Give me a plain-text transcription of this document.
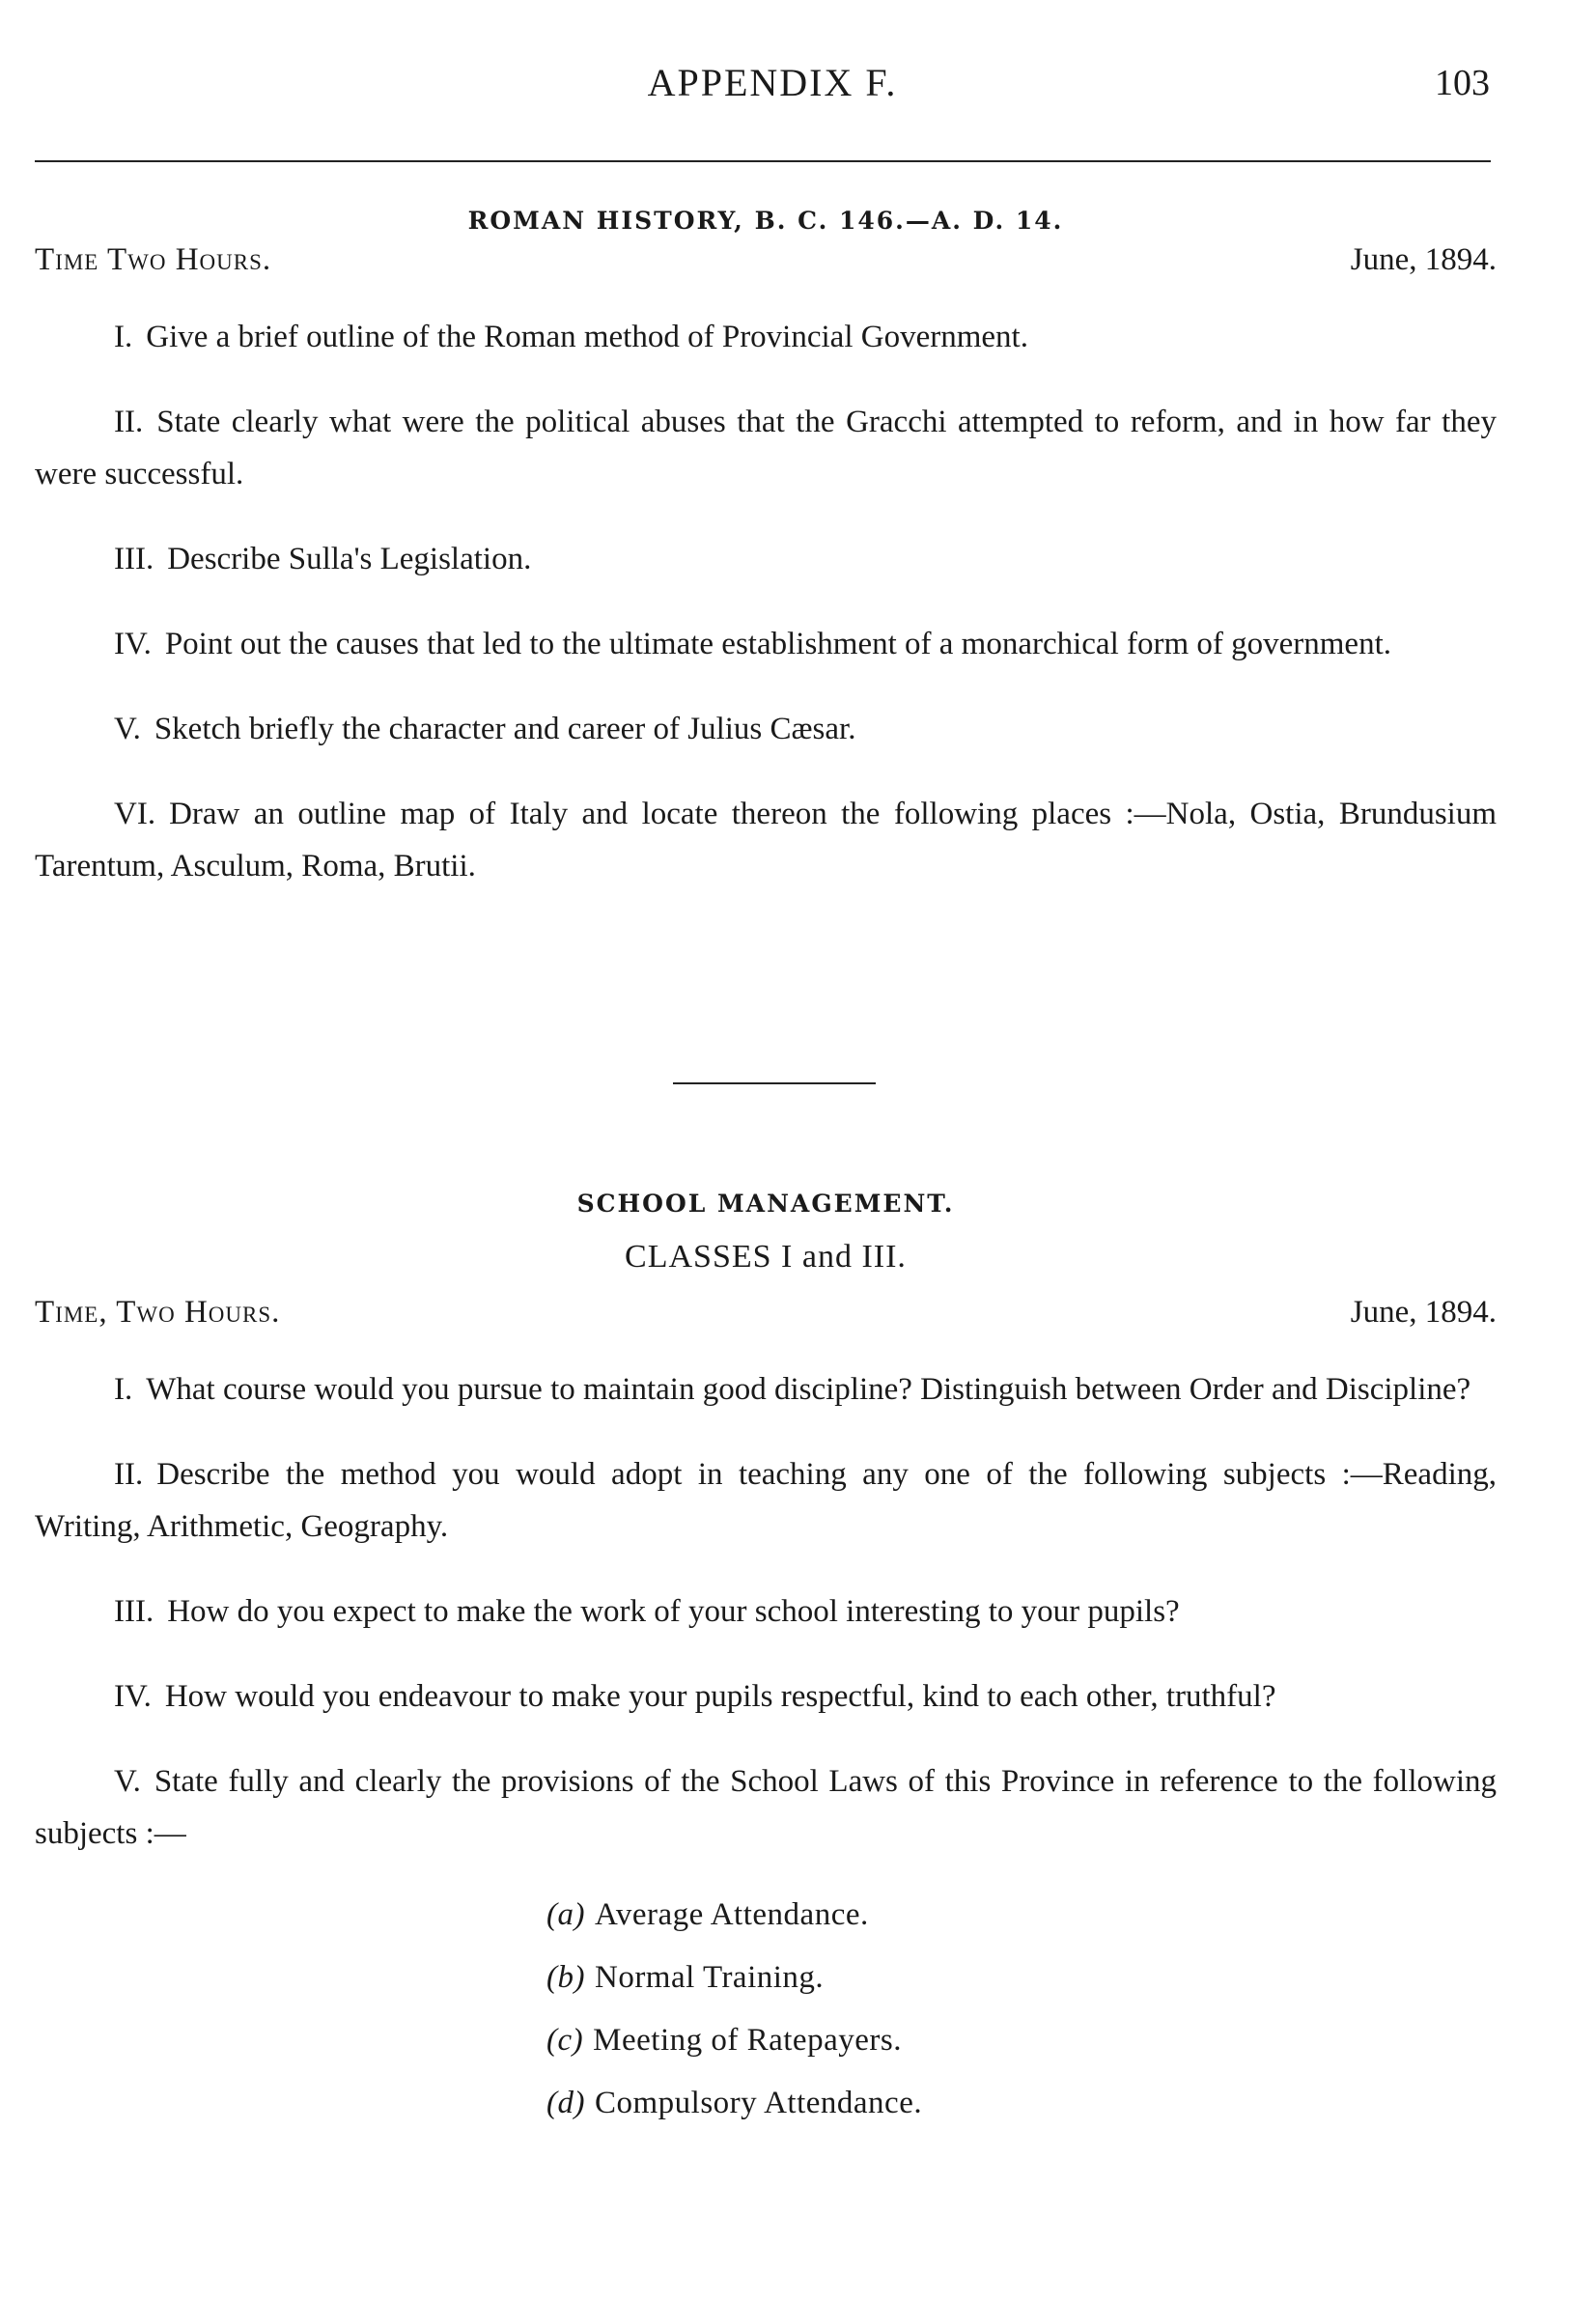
APPENDIX F.	103
ROMAN HISTORY, B. C. 146.—A. D. 14.
Time Two Hours.	June, 1894.

I. Give a brief outline of the Roman method of Provincial Government.

II. State clearly what were the political abuses that the Gracchi attempted to reform, and in how far they were successful.

III. Describe Sulla's Legislation.

IV. Point out the causes that led to the ultimate establishment of a monarchical form of government.

V. Sketch briefly the character and career of Julius Cæsar.

VI. Draw an outline map of Italy and locate thereon the following places :—Nola, Ostia, Brundusium Tarentum, Asculum, Roma, Brutii.

SCHOOL MANAGEMENT.
CLASSES I and III.
Time, Two Hours.	June, 1894.

I. What course would you pursue to maintain good discipline? Distinguish between Order and Discipline?

II. Describe the method you would adopt in teaching any one of the following subjects :—Reading, Writing, Arithmetic, Geography.

III. How do you expect to make the work of your school interesting to your pupils?

IV. How would you endeavour to make your pupils respectful, kind to each other, truthful?

V. State fully and clearly the provisions of the School Laws of this Province in reference to the following subjects :—

(a) Average Attendance.
(b) Normal Training.
(c) Meeting of Ratepayers.
(d) Compulsory Attendance.
